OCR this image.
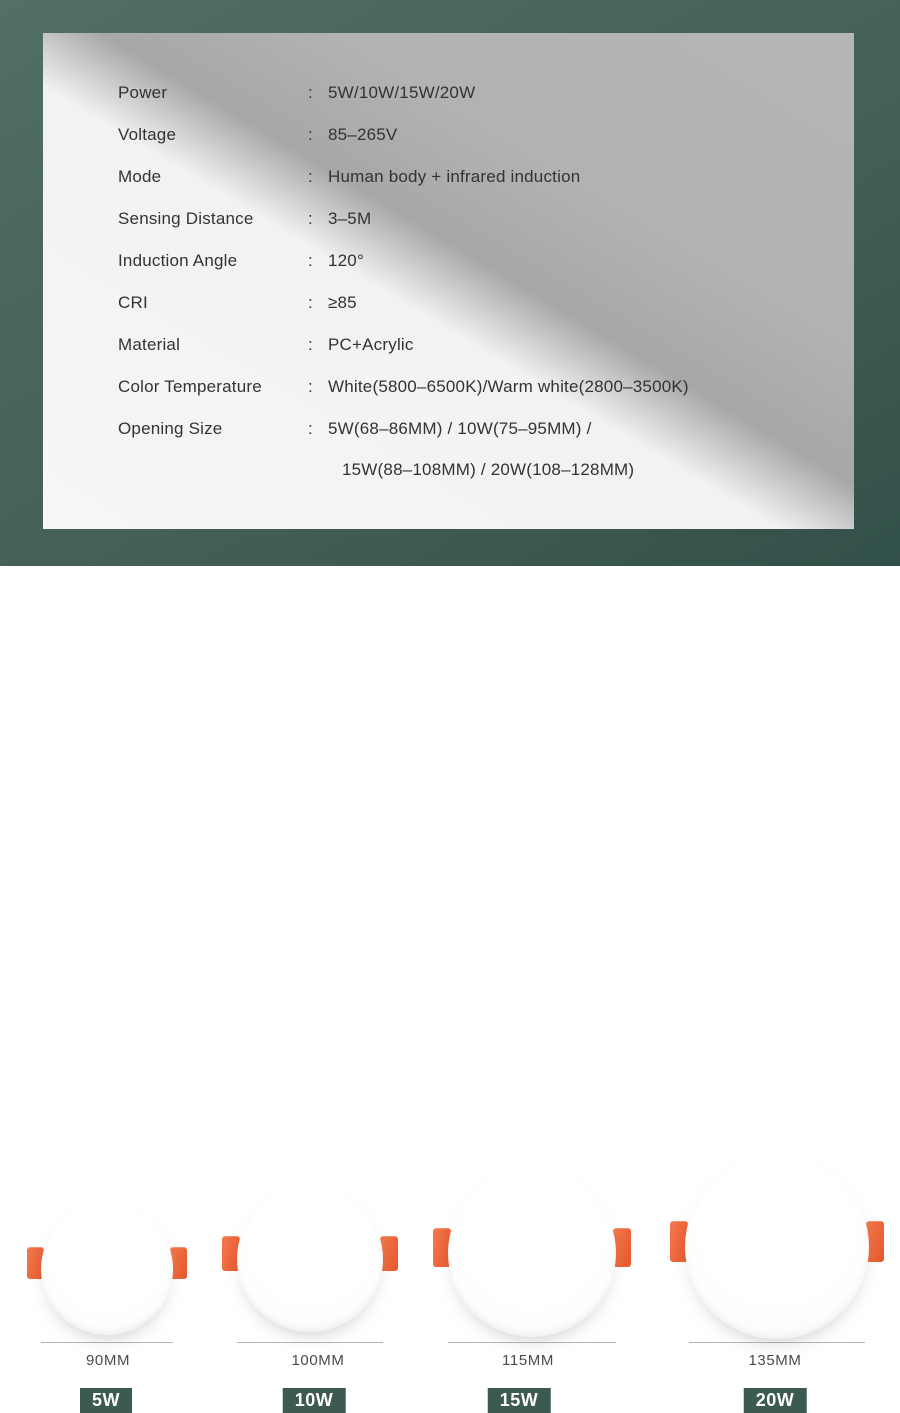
Power	: 5W/10W/15W/20W
Voltage	: 85–265V
Mode	: Human body + infrared induction
Sensing Distance	: 3–5M
Induction Angle	: 120°
CRI	: ≥85
Material	: PC+Acrylic
Color Temperature	: White(5800–6500K)/Warm white(2800–3500K)
Opening Size	: 5W(68–86MM) / 10W(75–95MM) /
15W(88–108MM) / 20W(108–128MM)
90MM
5W
100MM
10W
115MM
15W
135MM
20W
